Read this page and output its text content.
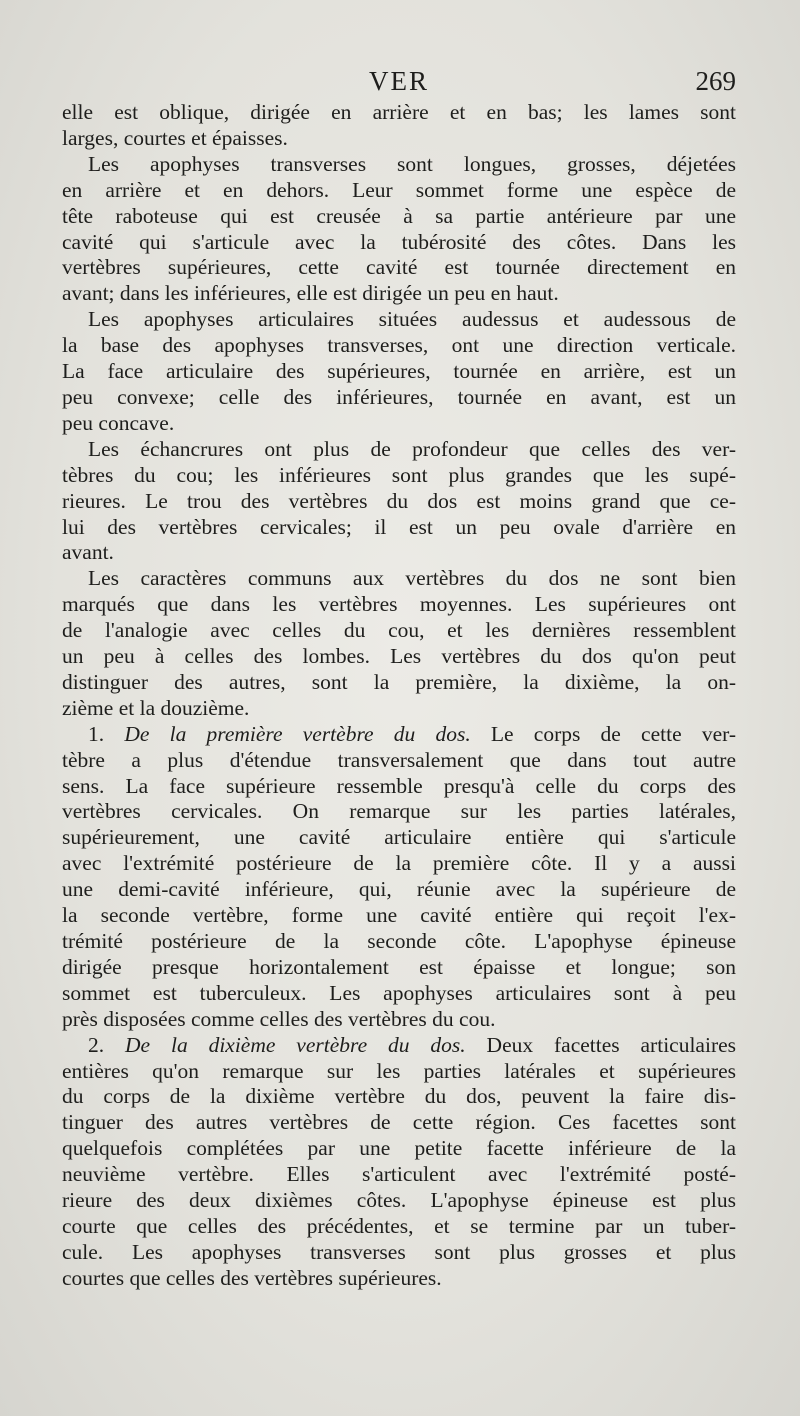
VER	269

elle est oblique, dirigée en arrière et en bas; les lames sont
larges, courtes et épaisses.

Les apophyses transverses sont longues, grosses, déjetées
en arrière et en dehors. Leur sommet forme une espèce de
tête raboteuse qui est creusée à sa partie antérieure par une
cavité qui s'articule avec la tubérosité des côtes. Dans les
vertèbres supérieures, cette cavité est tournée directement en
avant; dans les inférieures, elle est dirigée un peu en haut.

Les apophyses articulaires situées audessus et audessous de
la base des apophyses transverses, ont une direction verticale.
La face articulaire des supérieures, tournée en arrière, est un
peu convexe; celle des inférieures, tournée en avant, est un
peu concave.

Les échancrures ont plus de profondeur que celles des ver-
tèbres du cou; les inférieures sont plus grandes que les supé-
rieures. Le trou des vertèbres du dos est moins grand que ce-
lui des vertèbres cervicales; il est un peu ovale d'arrière en
avant.

Les caractères communs aux vertèbres du dos ne sont bien
marqués que dans les vertèbres moyennes. Les supérieures ont
de l'analogie avec celles du cou, et les dernières ressemblent
un peu à celles des lombes. Les vertèbres du dos qu'on peut
distinguer des autres, sont la première, la dixième, la on-
zième et la douzième.

1. De la première vertèbre du dos. Le corps de cette ver-
tèbre a plus d'étendue transversalement que dans tout autre
sens. La face supérieure ressemble presqu'à celle du corps des
vertèbres cervicales. On remarque sur les parties latérales,
supérieurement, une cavité articulaire entière qui s'articule
avec l'extrémité postérieure de la première côte. Il y a aussi
une demi-cavité inférieure, qui, réunie avec la supérieure de
la seconde vertèbre, forme une cavité entière qui reçoit l'ex-
trémité postérieure de la seconde côte. L'apophyse épineuse
dirigée presque horizontalement est épaisse et longue; son
sommet est tuberculeux. Les apophyses articulaires sont à peu
près disposées comme celles des vertèbres du cou.

2. De la dixième vertèbre du dos. Deux facettes articulaires
entières qu'on remarque sur les parties latérales et supérieures
du corps de la dixième vertèbre du dos, peuvent la faire dis-
tinguer des autres vertèbres de cette région. Ces facettes sont
quelquefois complétées par une petite facette inférieure de la
neuvième vertèbre. Elles s'articulent avec l'extrémité posté-
rieure des deux dixièmes côtes. L'apophyse épineuse est plus
courte que celles des précédentes, et se termine par un tuber-
cule. Les apophyses transverses sont plus grosses et plus
courtes que celles des vertèbres supérieures.
